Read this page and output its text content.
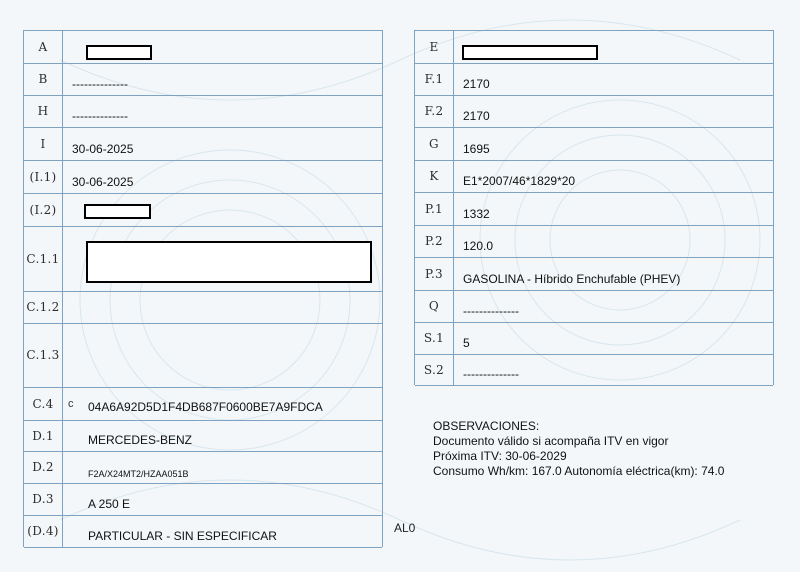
A
B	--------------
H	--------------
I	30-06-2025
(I.1)	30-06-2025
(I.2)
C.1.1
C.1.2
C.1.3
C.4	c 04A6A92D5D1F4DB687F0600BE7A9FDCA
D.1	MERCEDES-BENZ
D.2	F2A/X24MT2/HZAA051B
D.3	A 250 E
(D.4)	PARTICULAR - SIN ESPECIFICAR
E
F.1	2170
F.2	2170
G	1695
K	E1*2007/46*1829*20
P.1	1332
P.2	120.0
P.3	GASOLINA - Híbrido Enchufable (PHEV)
Q	--------------
S.1	5
S.2	--------------
OBSERVACIONES:
Documento válido si acompaña ITV en vigor
Próxima ITV: 30-06-2029
Consumo Wh/km: 167.0 Autonomía eléctrica(km): 74.0
AL0
